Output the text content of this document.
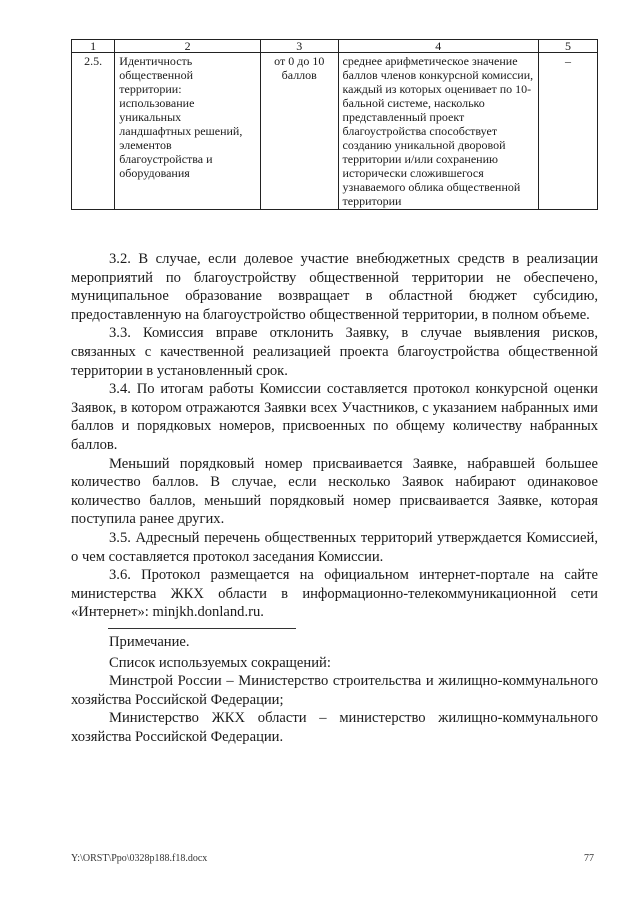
1	2	3	4	5
2.5.	Идентичность общественной территории: использование уникальных ландшафтных решений, элементов благоустройства и оборудования	от 0 до 10 баллов	среднее арифметическое значение баллов членов конкурсной комиссии, каждый из которых оценивает по 10-бальной системе, насколько представленный проект благоустройства способствует созданию уникальной дворовой территории и/или сохранению исторически сложившегося узнаваемого облика общественной территории	–

3.2. В случае, если долевое участие внебюджетных средств в реализации мероприятий по благоустройству общественной территории не обеспечено, муниципальное образование возвращает в областной бюджет субсидию, предоставленную на благоустройство общественной территории, в полном объеме.

3.3. Комиссия вправе отклонить Заявку, в случае выявления рисков, связанных с качественной реализацией проекта благоустройства общественной территории в установленный срок.

3.4. По итогам работы Комиссии составляется протокол конкурсной оценки Заявок, в котором отражаются Заявки всех Участников, с указанием набранных ими баллов и порядковых номеров, присвоенных по общему количеству набранных баллов.

Меньший порядковый номер присваивается Заявке, набравшей большее количество баллов. В случае, если несколько Заявок набирают одинаковое количество баллов, меньший порядковый номер присваивается Заявке, которая поступила ранее других.

3.5. Адресный перечень общественных территорий утверждается Комиссией, о чем составляется протокол заседания Комиссии.

3.6. Протокол размещается на официальном интернет-портале на сайте министерства ЖКХ области в информационно-телекоммуникационной сети «Интернет»: minjkh.donland.ru.

Примечание.

Список используемых сокращений:

Минстрой России – Министерство строительства и жилищно-коммунального хозяйства Российской Федерации;

Министерство ЖКХ области – министерство жилищно-коммунального хозяйства Российской Федерации.

Y:\ORST\Ppo\0328p188.f18.docx	77
